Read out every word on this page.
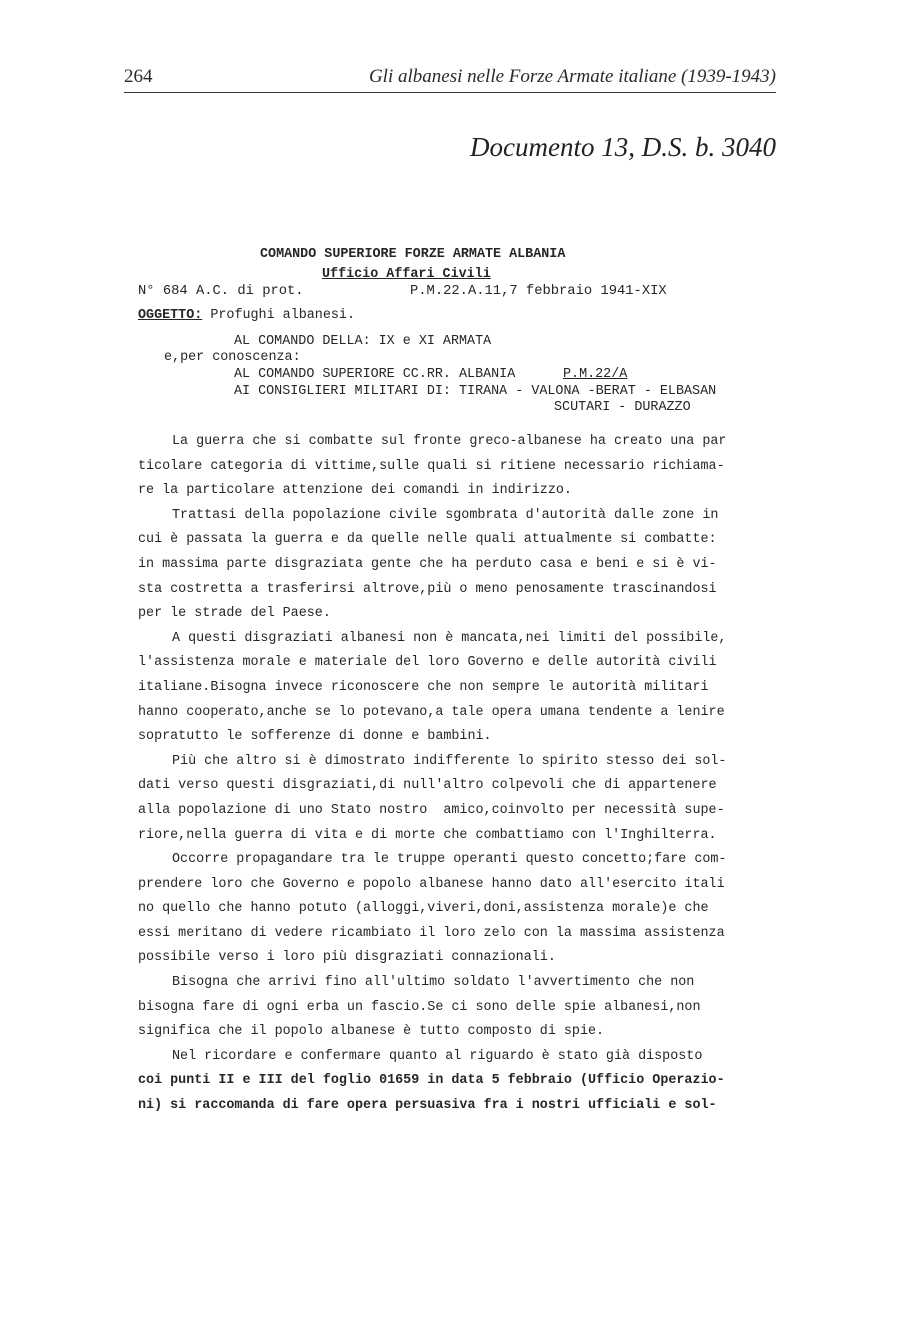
264	Gli albanesi nelle Forze Armate italiane (1939-1943)
Documento 13, D.S. b. 3040
COMANDO SUPERIORE FORZE ARMATE ALBANIA
Ufficio Affari Civili
N° 684 A.C. di prot.	P.M.22.A.11,7 febbraio 1941-XIX
OGGETTO: Profughi albanesi.
AL COMANDO DELLA: IX e XI ARMATA
e,per conoscenza:
AL COMANDO SUPERIORE CC.RR. ALBANIA	P.M.22/A
AI CONSIGLIERI MILITARI DI: TIRANA - VALONA -BERAT - ELBASAN
SCUTARI - DURAZZO
La guerra che si combatte sul fronte greco-albanese ha creato una par
ticolare categoria di vittime,sulle quali si ritiene necessario richiama-
re la particolare attenzione dei comandi in indirizzo.
Trattasi della popolazione civile sgombrata d'autorità dalle zone in
cui è passata la guerra e da quelle nelle quali attualmente si combatte:
in massima parte disgraziata gente che ha perduto casa e beni e si è vi-
sta costretta a trasferirsi altrove,più o meno penosamente trascinandosi
per le strade del Paese.
A questi disgraziati albanesi non è mancata,nei limiti del possibile,
l'assistenza morale e materiale del loro Governo e delle autorità civili
italiane.Bisogna invece riconoscere che non sempre le autorità militari
hanno cooperato,anche se lo potevano,a tale opera umana tendente a lenire
sopratutto le sofferenze di donne e bambini.
Più che altro si è dimostrato indifferente lo spirito stesso dei sol-
dati verso questi disgraziati,di null'altro colpevoli che di appartenere
alla popolazione di uno Stato nostro  amico,coinvolto per necessità supe-
riore,nella guerra di vita e di morte che combattiamo con l'Inghilterra.
Occorre propagandare tra le truppe operanti questo concetto;fare com-
prendere loro che Governo e popolo albanese hanno dato all'esercito itali
no quello che hanno potuto (alloggi,viveri,doni,assistenza morale)e che
essi meritano di vedere ricambiato il loro zelo con la massima assistenza
possibile verso i loro più disgraziati connazionali.
Bisogna che arrivi fino all'ultimo soldato l'avvertimento che non
bisogna fare di ogni erba un fascio.Se ci sono delle spie albanesi,non
significa che il popolo albanese è tutto composto di spie.
Nel ricordare e confermare quanto al riguardo è stato già disposto
coi punti II e III del foglio 01659 in data 5 febbraio (Ufficio Operazio-
ni) si raccomanda di fare opera persuasiva fra i nostri ufficiali e sol-
